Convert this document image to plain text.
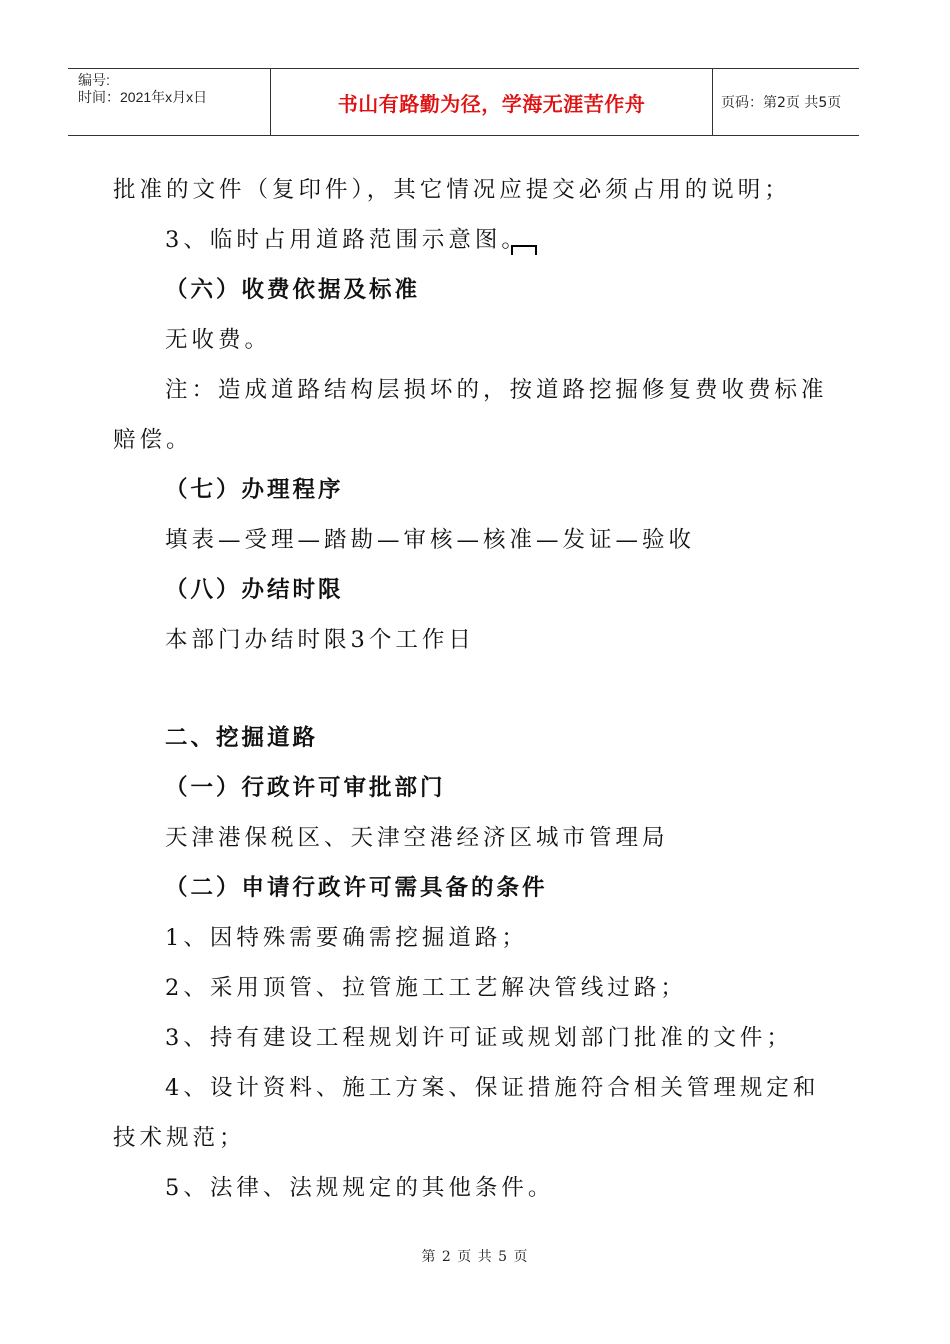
编号:
时间：2021年x月x日	书山有路勤为径，学海无涯苦作舟	页码：第2页 共5页
批准的文件（复印件），其它情况应提交必须占用的说明；
3、临时占用道路范围示意图。
（六）收费依据及标准
无收费。
注：造成道路结构层损坏的，按道路挖掘修复费收费标准
赔偿。
（七）办理程序
填表—受理—踏勘—审核—核准—发证—验收
（八）办结时限
本部门办结时限3个工作日
二、挖掘道路
（一）行政许可审批部门
天津港保税区、天津空港经济区城市管理局
（二）申请行政许可需具备的条件
1、因特殊需要确需挖掘道路；
2、采用顶管、拉管施工工艺解决管线过路；
3、持有建设工程规划许可证或规划部门批准的文件；
4、设计资料、施工方案、保证措施符合相关管理规定和
技术规范；
5、法律、法规规定的其他条件。
第 2 页 共 5 页
